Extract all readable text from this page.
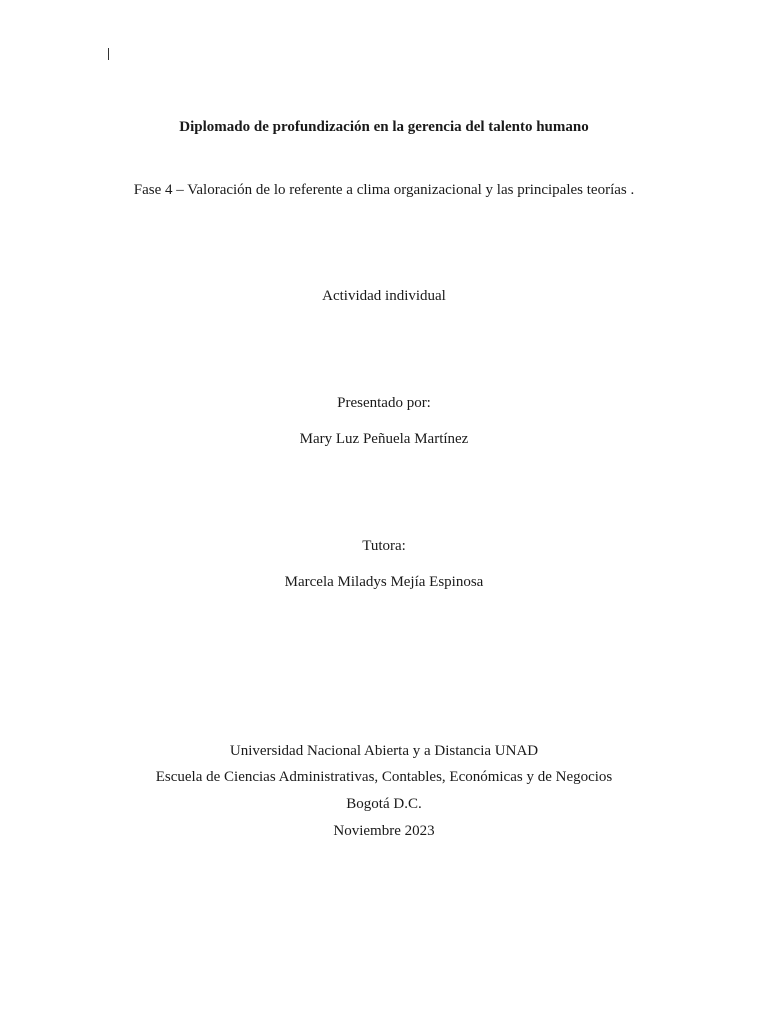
Diplomado de profundización en la gerencia del talento humano
Fase 4 – Valoración de lo referente a clima organizacional y las principales teorías .
Actividad individual
Presentado por:
Mary Luz Peñuela Martínez
Tutora:
Marcela Miladys Mejía Espinosa
Universidad Nacional Abierta y a Distancia UNAD
Escuela de Ciencias Administrativas, Contables, Económicas y de Negocios
Bogotá D.C.
Noviembre 2023
